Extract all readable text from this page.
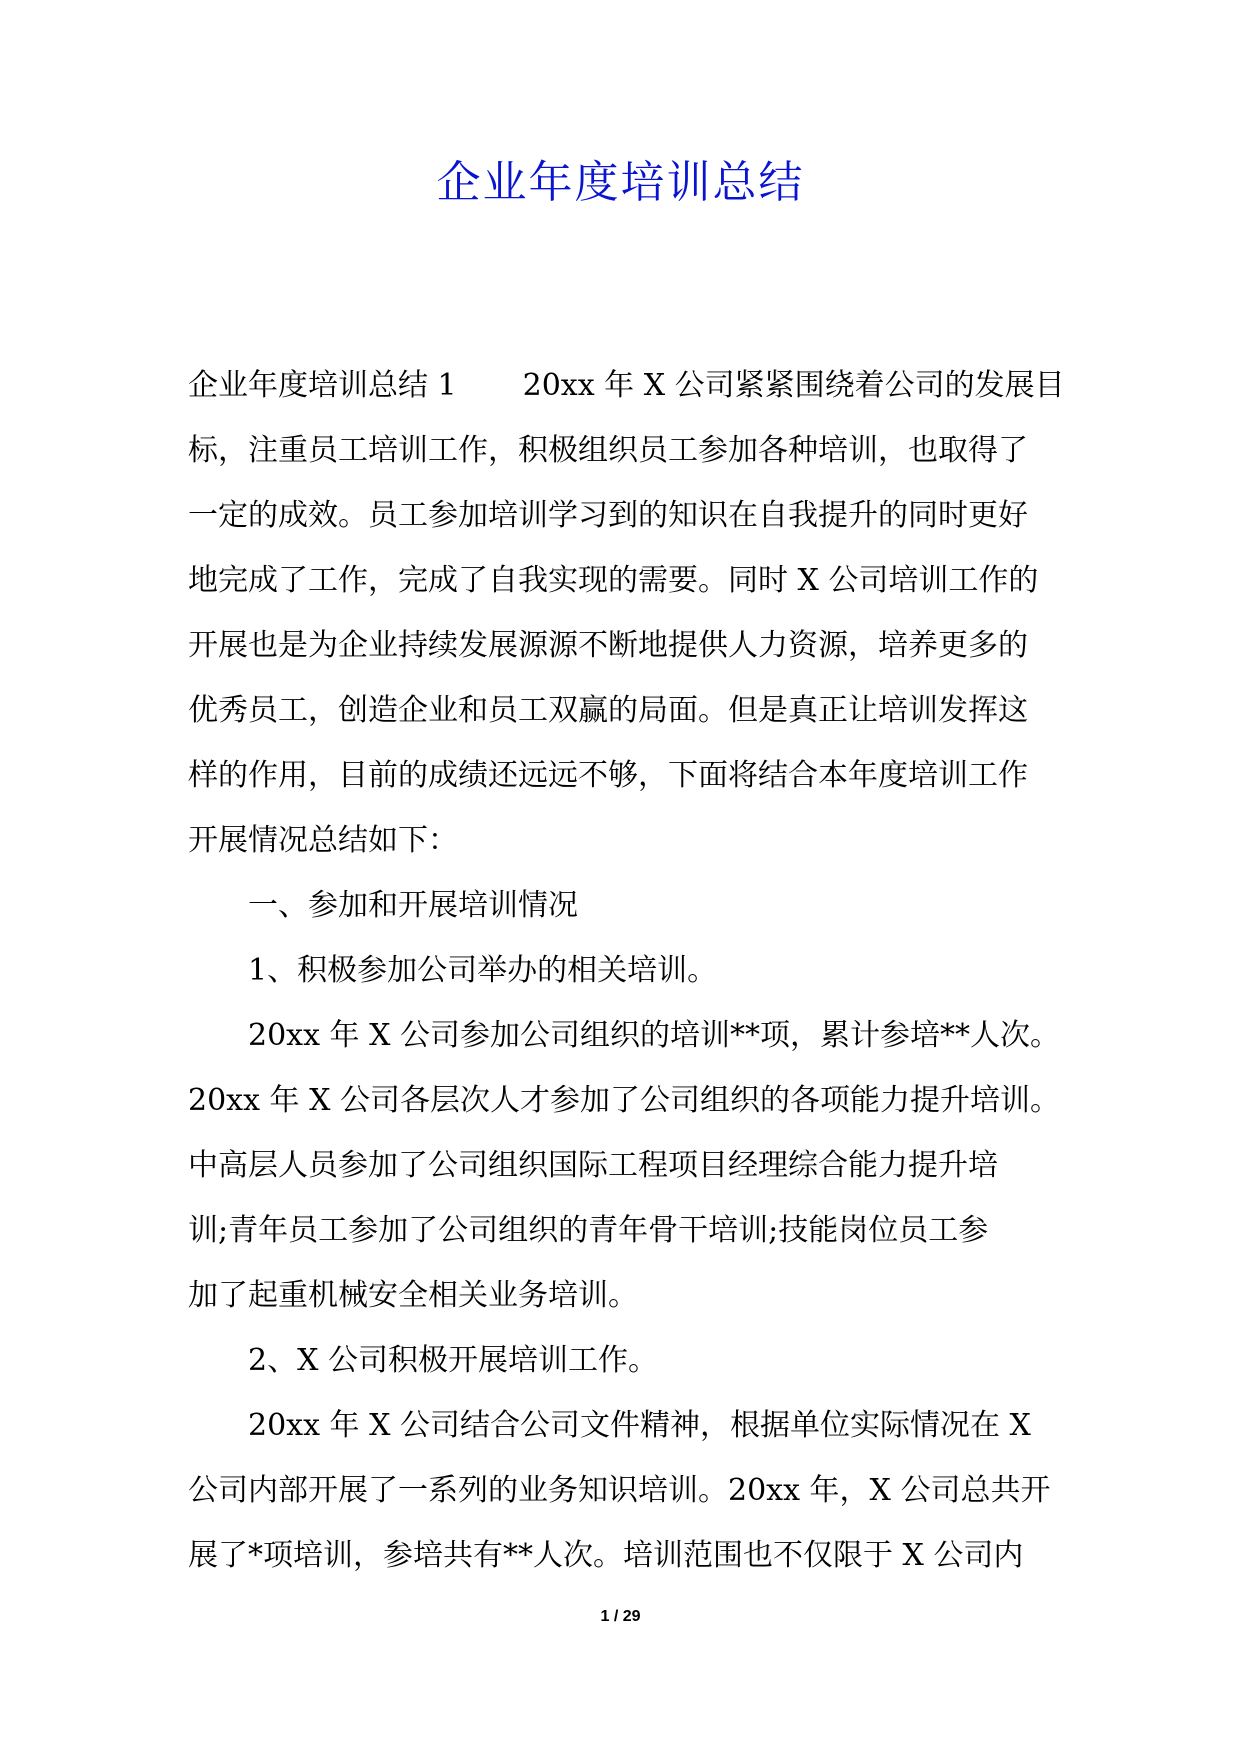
企业年度培训总结

企业年度培训总结 1 20xx 年 X 公司紧紧围绕着公司的发展目

标，注重员工培训工作，积极组织员工参加各种培训，也取得了

一定的成效。员工参加培训学习到的知识在自我提升的同时更好

地完成了工作，完成了自我实现的需要。同时 X 公司培训工作的

开展也是为企业持续发展源源不断地提供人力资源，培养更多的

优秀员工，创造企业和员工双赢的局面。但是真正让培训发挥这

样的作用，目前的成绩还远远不够，下面将结合本年度培训工作

开展情况总结如下：

一、参加和开展培训情况

1、积极参加公司举办的相关培训。

20xx 年 X 公司参加公司组织的培训**项，累计参培**人次。

20xx 年 X 公司各层次人才参加了公司组织的各项能力提升培训。

中高层人员参加了公司组织国际工程项目经理综合能力提升培

训;青年员工参加了公司组织的青年骨干培训;技能岗位员工参

加了起重机械安全相关业务培训。

2、X 公司积极开展培训工作。

20xx 年 X 公司结合公司文件精神，根据单位实际情况在 X

公司内部开展了一系列的业务知识培训。20xx 年，X 公司总共开

展了*项培训，参培共有**人次。培训范围也不仅限于 X 公司内

1 / 29
